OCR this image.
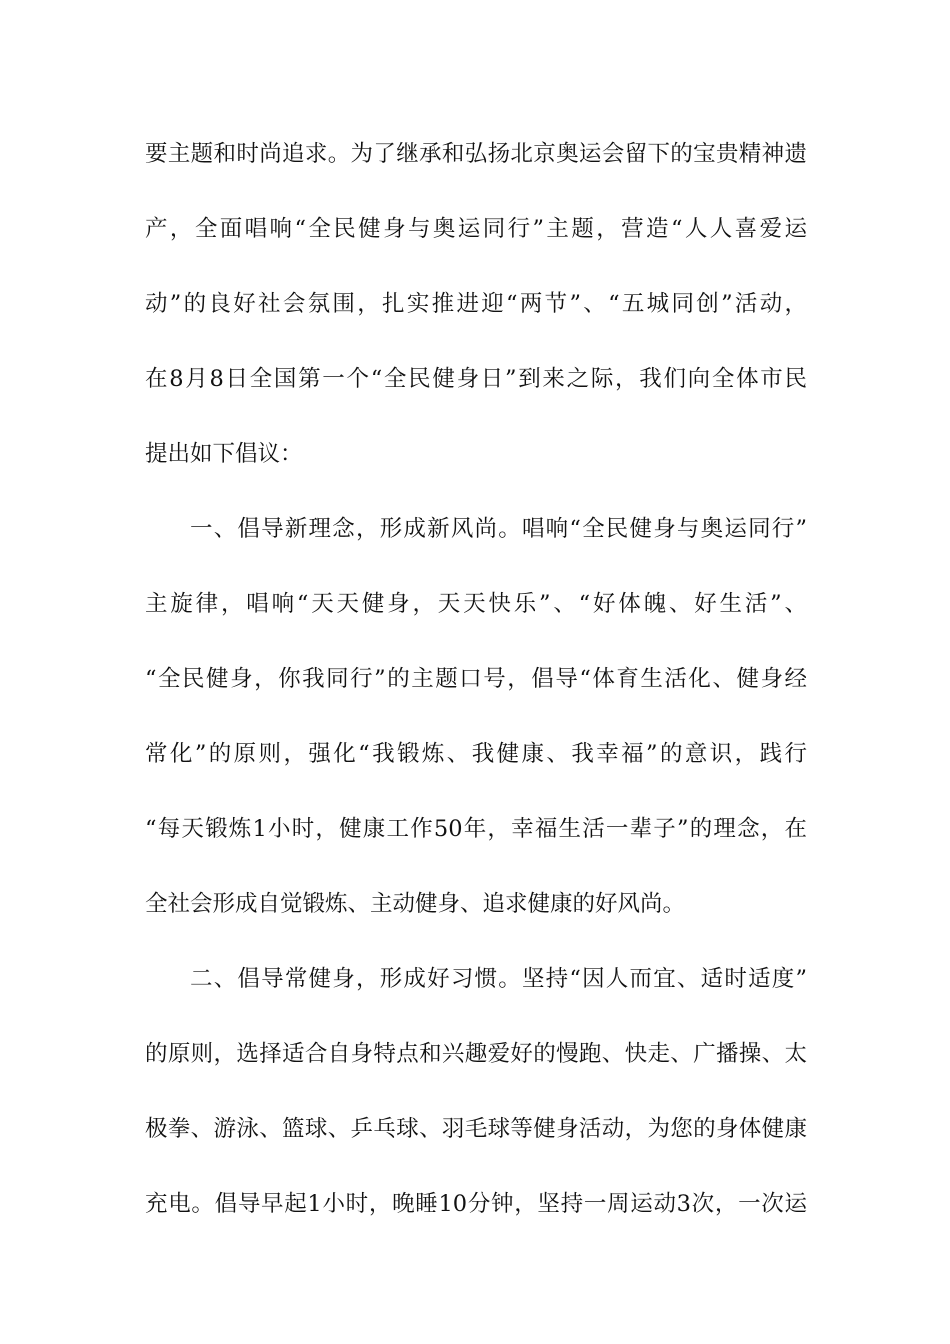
要主题和时尚追求。为了继承和弘扬北京奥运会留下的宝贵精神遗
产，全面唱响“全民健身与奥运同行”主题，营造“人人喜爱运
动”的良好社会氛围，扎实推进迎“两节”、“五城同创”活动，
在8月8日全国第一个“全民健身日”到来之际，我们向全体市民
提出如下倡议：
一、倡导新理念，形成新风尚。唱响“全民健身与奥运同行”
主旋律，唱响“天天健身，天天快乐”、“好体魄、好生活”、
“全民健身，你我同行”的主题口号，倡导“体育生活化、健身经
常化”的原则，强化“我锻炼、我健康、我幸福”的意识，践行
“每天锻炼1小时，健康工作50年，幸福生活一辈子”的理念，在
全社会形成自觉锻炼、主动健身、追求健康的好风尚。
二、倡导常健身，形成好习惯。坚持“因人而宜、适时适度”
的原则，选择适合自身特点和兴趣爱好的慢跑、快走、广播操、太
极拳、游泳、篮球、乒乓球、羽毛球等健身活动，为您的身体健康
充电。倡导早起1小时，晚睡10分钟，坚持一周运动3次，一次运
